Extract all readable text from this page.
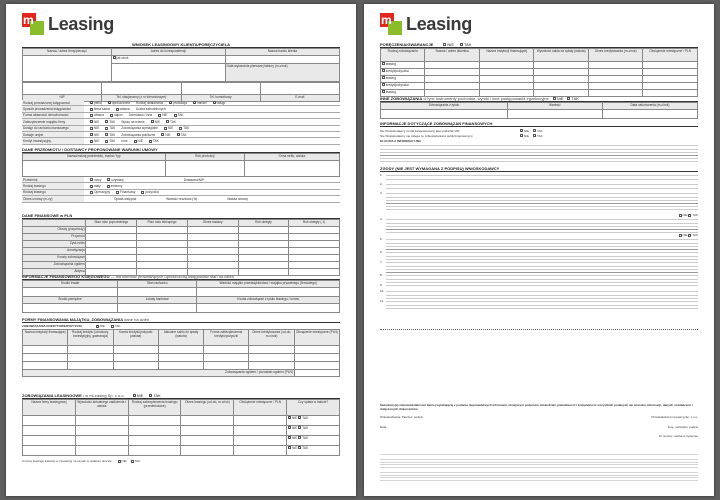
m Leasing
WNIOSEK LEASINGOWY KLIENTA/PORĘCZYCIELA
Nazwa / adres firmy/pieczęć	Adres do korespondencji	Nazwa banku klienta
	jak obok	
		Data wykonania pierwszej faktury (m-c/rok)

NIP	Tel. stacjonarny (z nr kierunkowym)	Tel. komórkowy	E-mail
Rodzaj prowadzonej księgowości	pełna	uproszczona Rodzaj działalności	produkcja	handel	usługi
Sposób prowadzenia księgowości	firma sama	własna Liczba zatrudnionych
Forma własności nieruchomości	własna	najem Dzierżawa / inna	NIE	TAK
Zabezpieczenie majątku firmy	NIE	TAK Wpisy na mienie	NIE	TAK
Dostęp do rachunku bankowego	NIE	TAK Zobowiązania wymagalne	NIE	TAK
Dotacje unijne	NIE	TAK Zobowiązania publiczne	NIE	TAK
Kredyt inwestycyjny	NIE	TAK Inne	NIE	TAK
DANE PRZEDMIOTU / DOSTAWCY PROPONOWANE WARUNKI UMOWY
Nazwa/rodzaj przedmiotu, marka / typ	Rok produkcji	Cena netto, waluta

Przedmiot	nowy	używany	Dostawca/NIP
Rodzaj leasingu	stały	zmienny
Rodzaj leasingu	Operacyjny	Finansowy	pożyczka
Okres umowy (m-cy)	Opłata wstępna	Wartość resztowa (%)	Waluta umowy
DANE FINANSOWE w PLN
	Stan roku poprzedniego	Plan roku bieżącego	Okres badany	Rok ubiegły	Rok ubiegły (-1)
Obroty (przychody)					
Przychód					
Zysk netto					
Amortyzacja					
Koszty zobowiązań					
Zobowiązania ogółem					
Aktywa					
INFORMACJE FINANSOWEGO KSIĘGOWEGO — dla klientów prowadzących uproszczoną księgowość stan na dzień
Środki trwałe	Stan rachunku	Wartość majątku przedsiębiorstwa / majątku prywatnego (firmowego)

Środki pieniężne	Lokaty bankowe	Kwota zobowiązań z tytułu leasingu / umów

FORMY FINANSOWANIA MAJĄTKU, ZOBOWIĄZANIA dane na dzień
ZOBOWIĄZANIA KREDYTOWE/POŻYCZKI	NIE	TAK
Nazwa instytucji finansującej	Rodzaj kredytu (obrotowy, inwestycyjny, gwarancja)	Kwota kredytu/pożyczki (waluta)	Aktualne saldo do spłaty (waluta)	Forma zabezpieczenia kredytu/pożyczki	Okres kredytowania (od-do, m-c/rok)	Obciążenie miesięczne (PLN)

Zobowiązania ogółem / pozostało ogółem (PLN)						
ZOBOWIĄZANIA LEASINGOWE
/ w mLeasing Sp. z o.o.	NIE	TAK
Nazwa firmy leasingowej	Wysokość aktualnego zadłużenia / waluta	Rodzaj zabezpieczenia leasingu (przedmiotowe)	Okres leasingu (od-do, m-c/rok)	Obciążenie miesięczne / PLN	Czy spłata w trakcie?
					NIE TAK
					NIE TAK
					NIE TAK
					NIE TAK
Umowy leasingu zawarte w mLeasing na użytek w ostatnim okresie	NIE	TAK
m Leasing
PORĘCZENIA/GWARANCJE	NIE	TAK
Rodzaj zobowiązania	Nazwa / adres dłużnika	Nazwa instytucji finansującej	Wysokość salda do spłaty (waluta)	Okres kredytowania (m-c/rok)	Obciążenie miesięczne / PLN
leasing					
kredyt/pożyczka					
leasing					
kredyt/pożyczka					
leasing					
INNE ZOBOWIĄZANIA
w tym: instrumenty pochodne, wyroki i inne postępowania egzekucyjne NIE TAK
Zobowiązania z tytułu	Wartość	Data zakończenia (m-c/rok)

INFORMACJE DOTYCZĄCE ZOBOWIĄZAŃ FINANSOWYCH
Nie Wnioskodawcy został zarejestrowany jako podatnik VAT	NIE	TAK
Nie Wnioskodawcy nie zalega ze zobowiązaniami publicznoprawnymi	NIE	TAK
KLAUZULA INFORMACYJNA
ZGODY (NIE JEST WYMAGANA Z PODPISU) WNIOSKODAWCY
1.
2.
3.
NIE
TAK
4.
NIE
TAK
5.
6.
7.
8.
9.
10.
11.
Świadomy(a) odpowiedzialności karnej wynikającej z podania nieprawdziwych informacji, niniejszym podpisem stwierdzam prawdziwość i kompletność wszystkich podanych we wniosku informacji, danych oświadczeń i dołączonych dokumentów.
Wnioskodawca: Pieczęć, podpis	Przedstawiciel mLeasing Sp. z o.o.
Data	Imię, nazwisko, podpis
Nr umowy, nazwa w systemie
